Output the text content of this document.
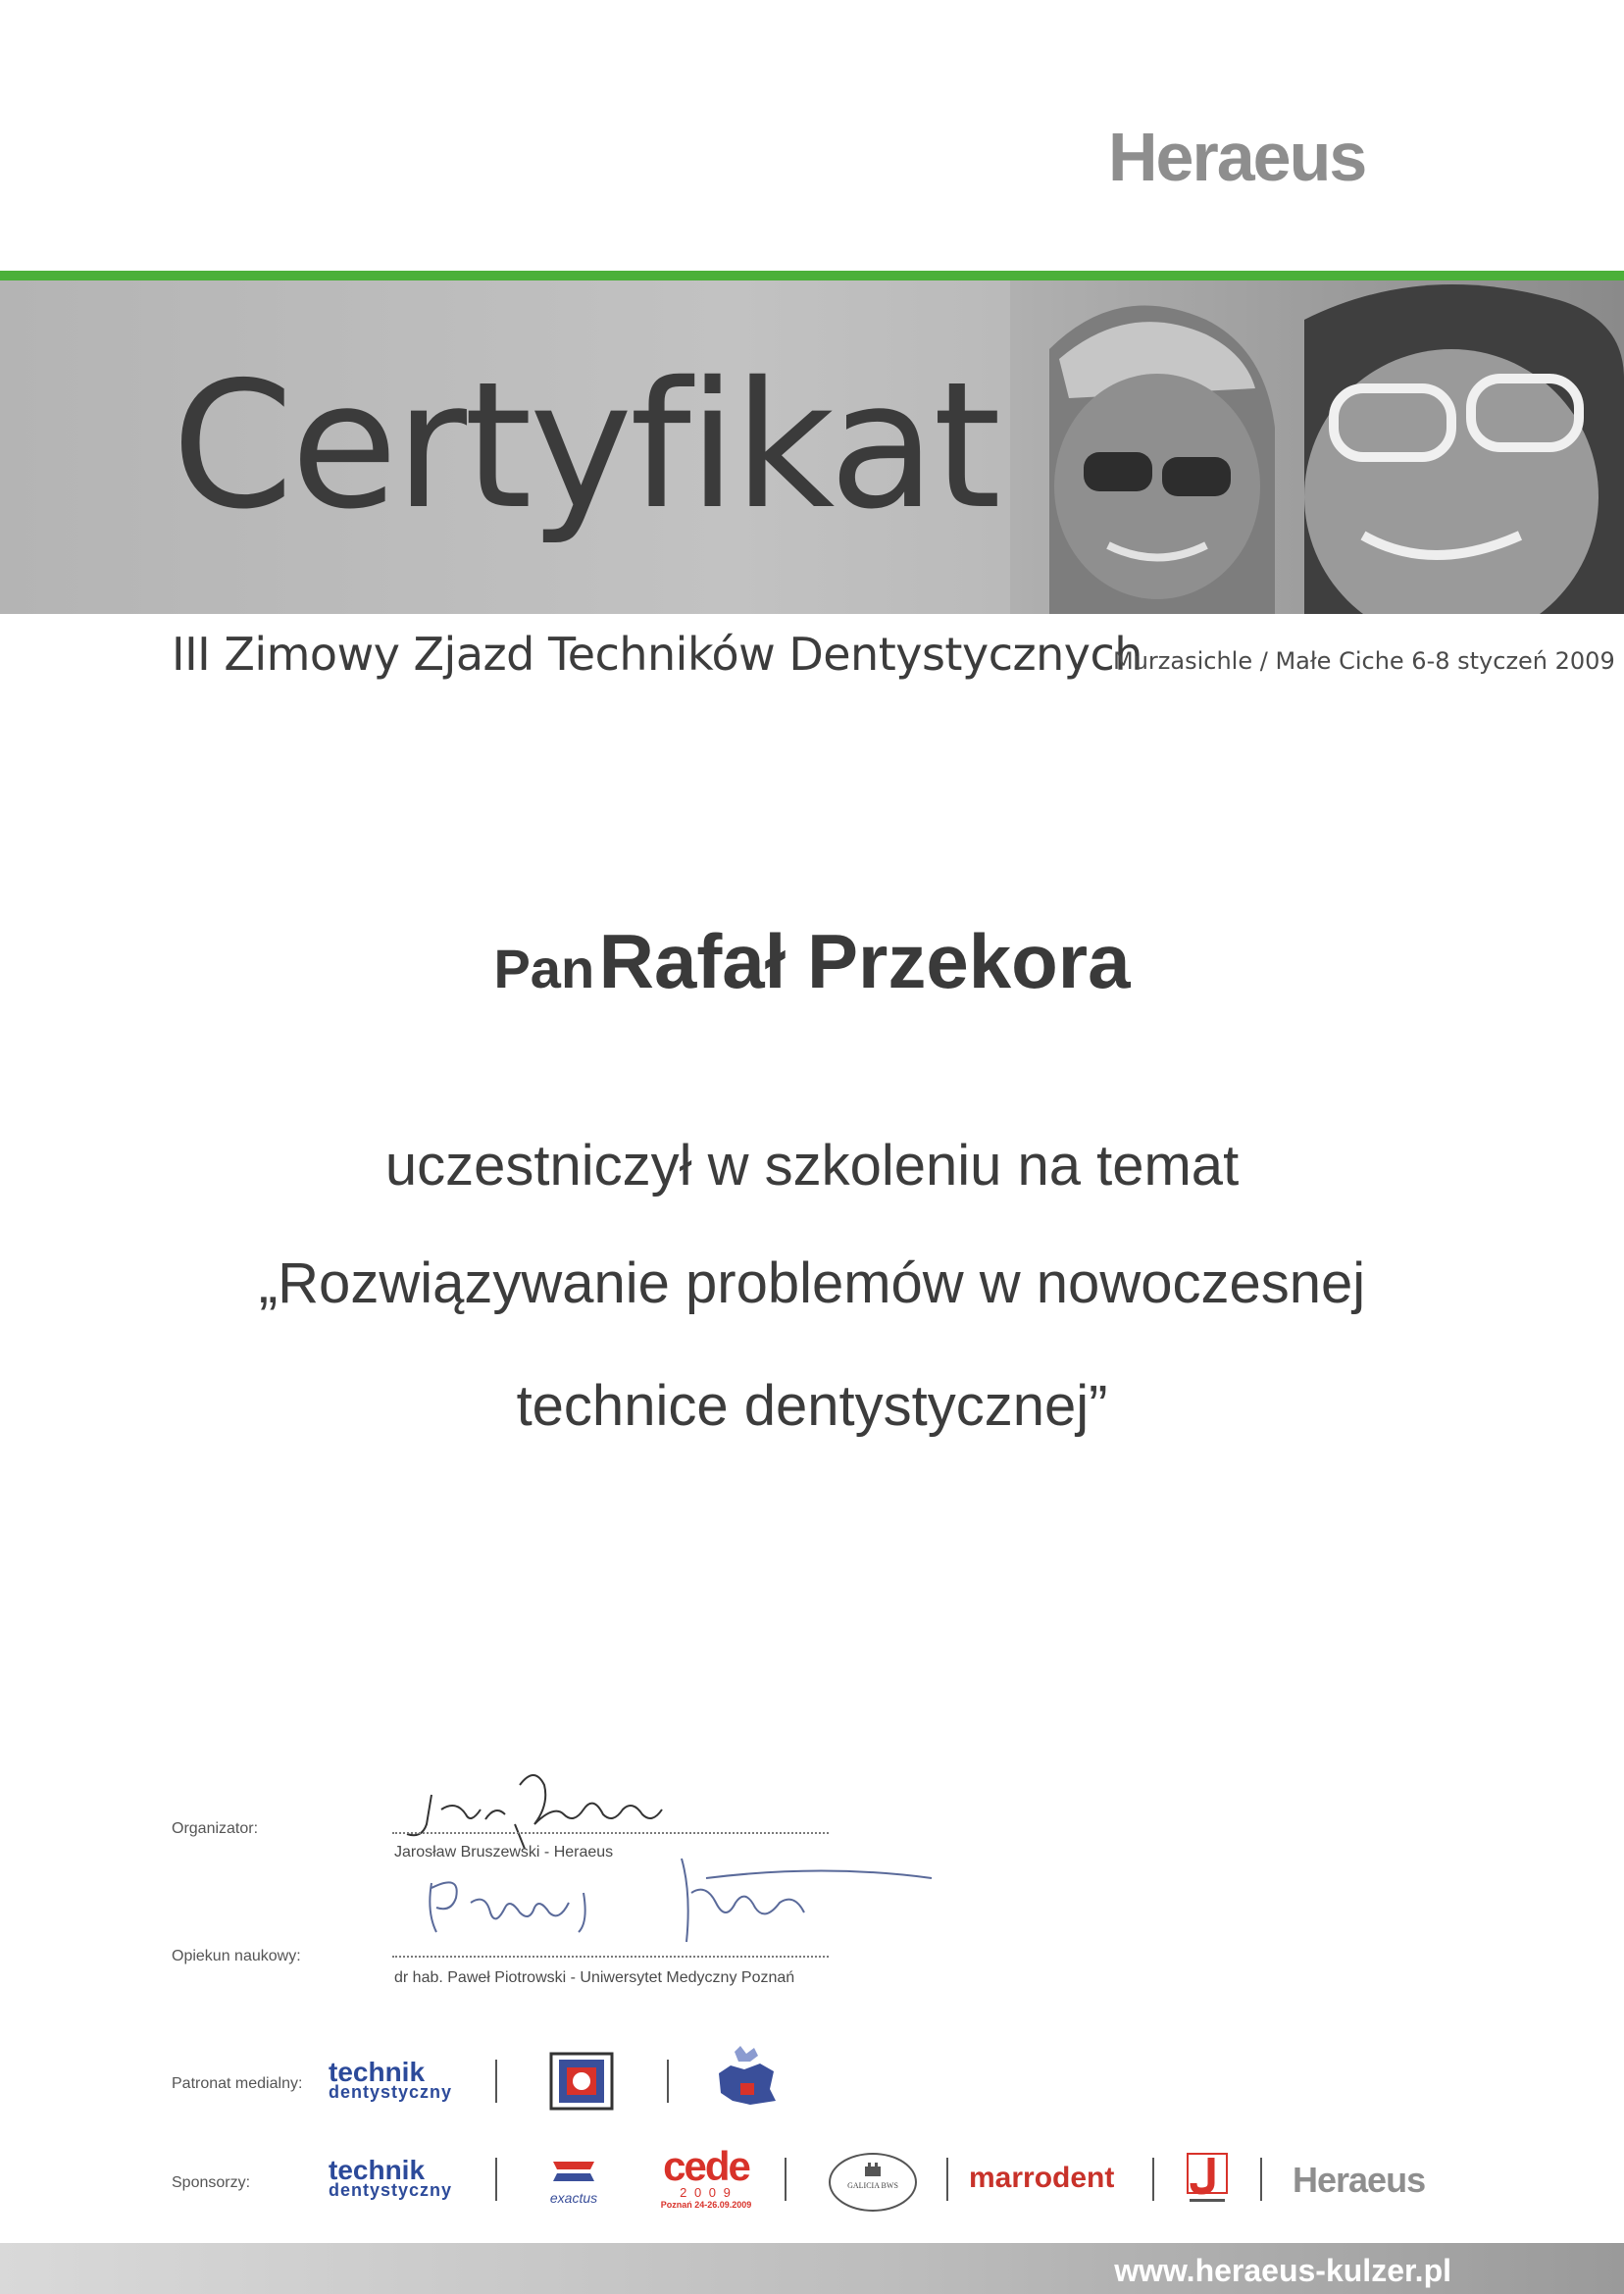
Heraeus
Certyfikat
III Zimowy Zjazd Techników Dentystycznych
Murzasichle / Małe Ciche 6-8 styczeń 2009
Pan Rafał Przekora
uczestniczył w szkoleniu na temat
„Rozwiązywanie problemów w nowoczesnej
technice dentystycznej”
Organizator:
Jarosław Bruszewski - Heraeus
Opiekun naukowy:
dr hab. Paweł Piotrowski - Uniwersytet Medyczny Poznań
Patronat medialny: technik
dentystyczny
Sponsorzy:	technik
dentystyczny	exactus
cede
2 0 0 9
Poznań 24-26.09.2009
GALICIA BWS	marrodent	Heraeus
www.heraeus-kulzer.pl
